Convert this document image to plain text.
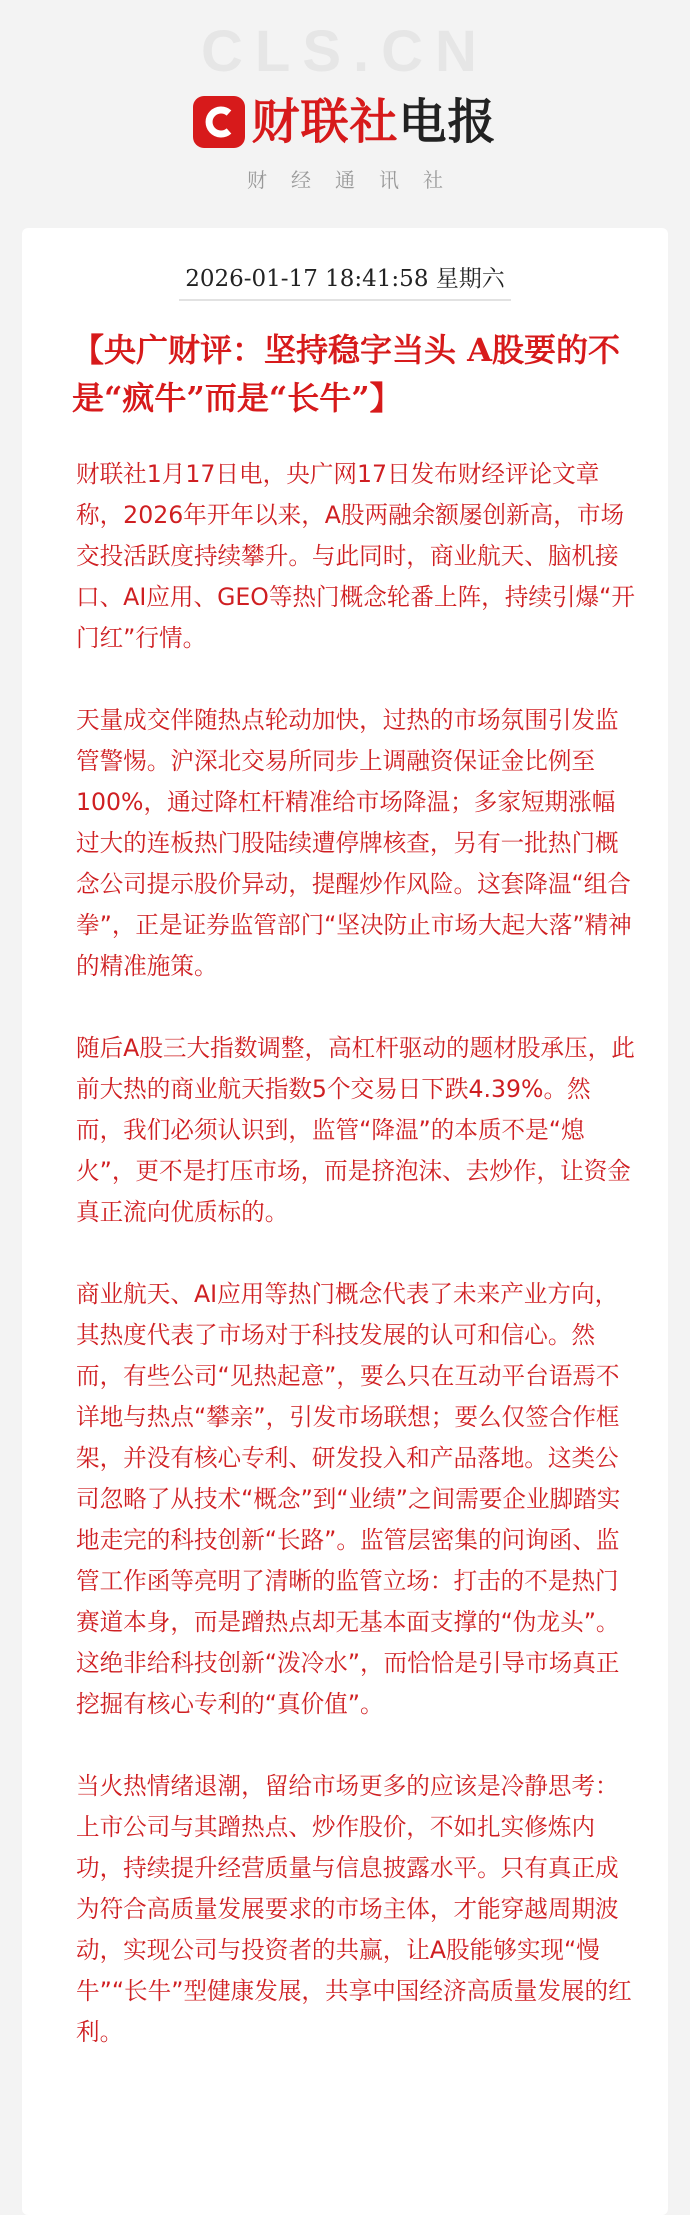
CLS.CN
财联社 电报
财经通讯社
2026-01-17 18:41:58 星期六
【央广财评：坚持稳字当头 A股要的不是“疯牛”而是“长牛”】

财联社1月17日电，央广网17日发布财经评论文章称，2026年开年以来，A股两融余额屡创新高，市场交投活跃度持续攀升。与此同时，商业航天、脑机接口、AI应用、GEO等热门概念轮番上阵，持续引爆“开门红”行情。

天量成交伴随热点轮动加快，过热的市场氛围引发监管警惕。沪深北交易所同步上调融资保证金比例至100%，通过降杠杆精准给市场降温；多家短期涨幅过大的连板热门股陆续遭停牌核查，另有一批热门概念公司提示股价异动，提醒炒作风险。这套降温“组合拳”，正是证券监管部门“坚决防止市场大起大落”精神的精准施策。

随后A股三大指数调整，高杠杆驱动的题材股承压，此前大热的商业航天指数5个交易日下跌4.39%。然而，我们必须认识到，监管“降温”的本质不是“熄火”，更不是打压市场，而是挤泡沫、去炒作，让资金真正流向优质标的。

商业航天、AI应用等热门概念代表了未来产业方向，其热度代表了市场对于科技发展的认可和信心。然而，有些公司“见热起意”，要么只在互动平台语焉不详地与热点“攀亲”，引发市场联想；要么仅签合作框架，并没有核心专利、研发投入和产品落地。这类公司忽略了从技术“概念”到“业绩”之间需要企业脚踏实地走完的科技创新“长路”。监管层密集的问询函、监管工作函等亮明了清晰的监管立场：打击的不是热门赛道本身，而是蹭热点却无基本面支撑的“伪龙头”。这绝非给科技创新“泼冷水”，而恰恰是引导市场真正挖掘有核心专利的“真价值”。

当火热情绪退潮，留给市场更多的应该是冷静思考：上市公司与其蹭热点、炒作股价，不如扎实修炼内功，持续提升经营质量与信息披露水平。只有真正成为符合高质量发展要求的市场主体，才能穿越周期波动，实现公司与投资者的共赢，让A股能够实现“慢牛”“长牛”型健康发展，共享中国经济高质量发展的红利。
